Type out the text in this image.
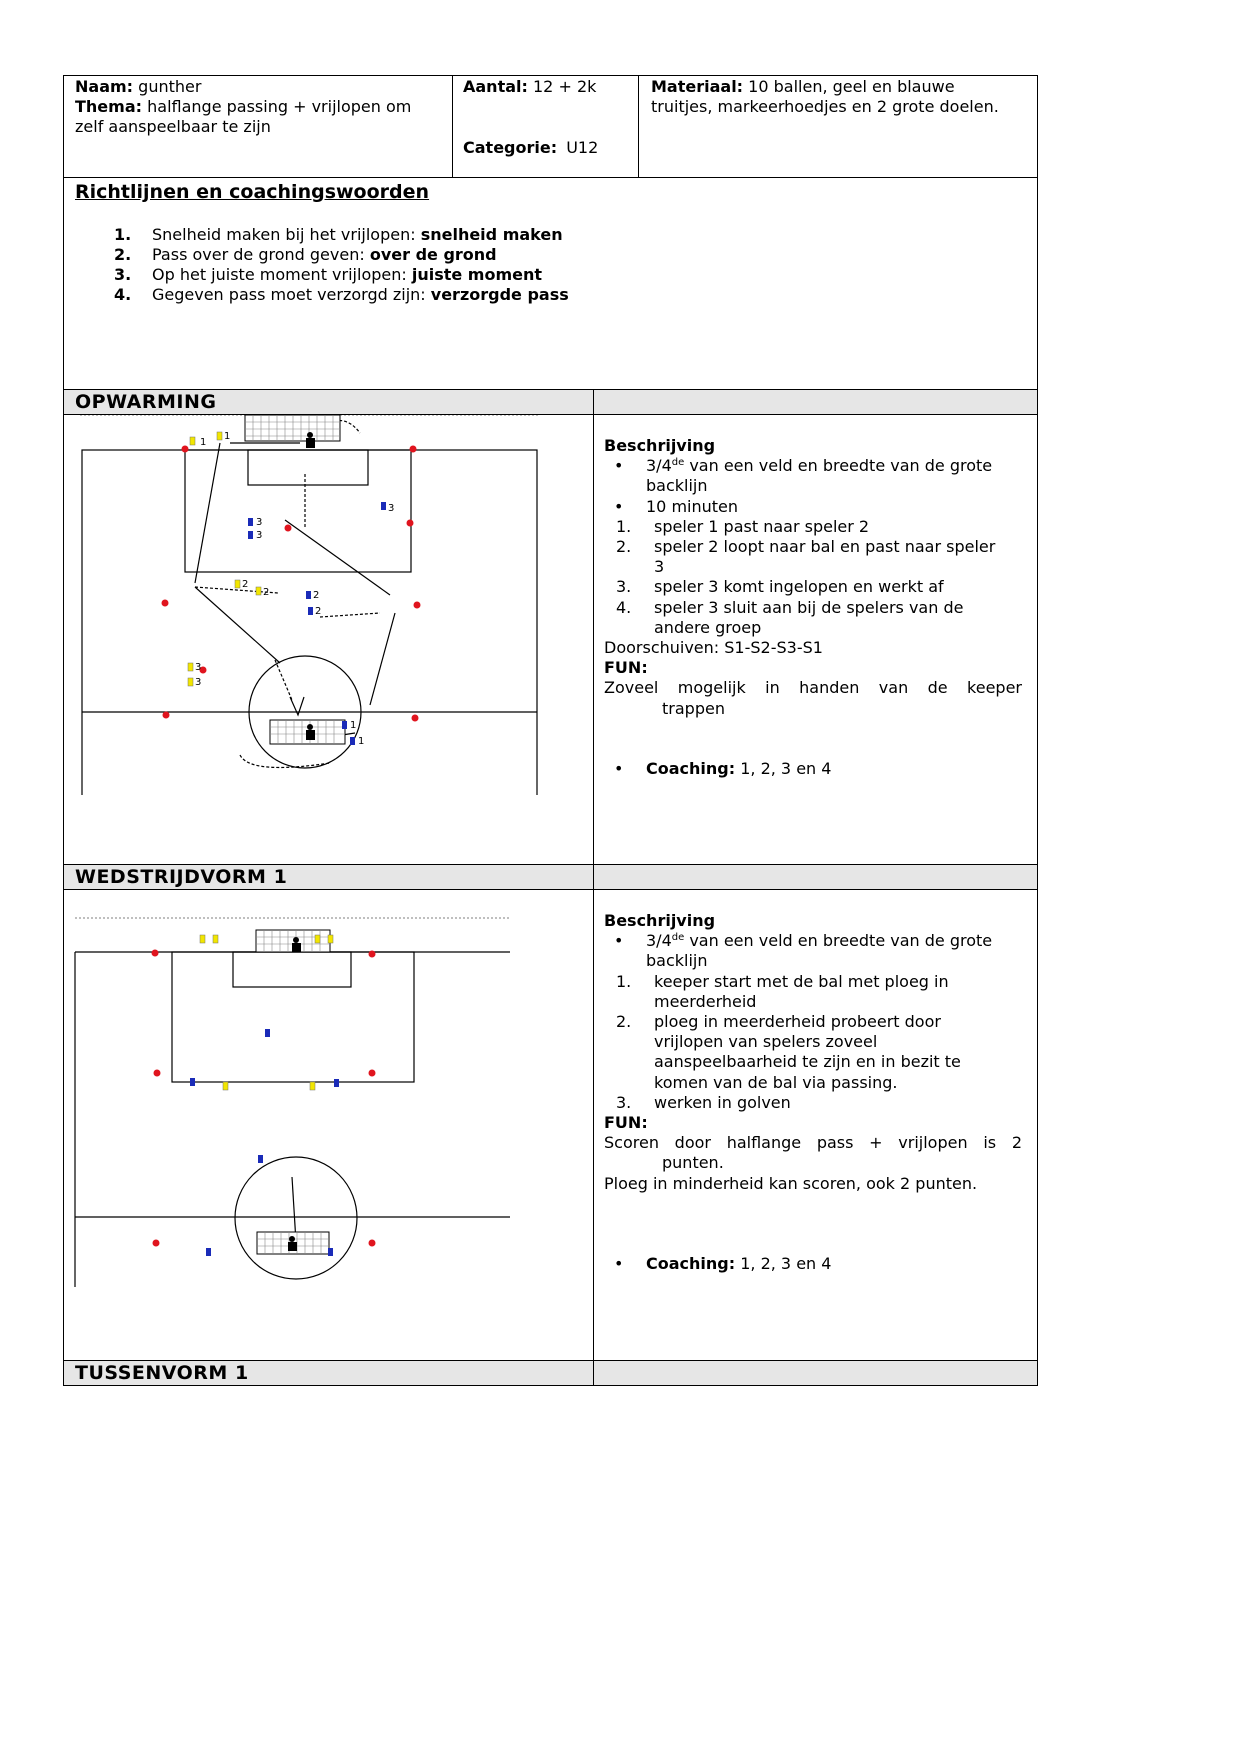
Naam: gunther
Thema: halflange passing + vrijlopen om
zelf aanspeelbaar te zijn
Aantal: 12 + 2k
Categorie: U12
Materiaal: 10 ballen, geel en blauwe
truitjes, markeerhoedjes en 2 grote doelen.
Richtlijnen en coachingswoorden
1. Snelheid maken bij het vrijlopen: snelheid maken
2. Pass over de grond geven: over de grond
3. Op het juiste moment vrijlopen: juiste moment
4. Gegeven pass moet verzorgd zijn: verzorgde pass
OPWARMING
1
1
3
3
3
2
2	2
2
3
3
1
1
Beschrijving
• 3/4de van een veld en breedte van de grote
backlijn
• 10 minuten
1. speler 1 past naar speler 2
2. speler 2 loopt naar bal en past naar speler
3
3. speler 3 komt ingelopen en werkt af
4. speler 3 sluit aan bij de spelers van de
andere groep
Doorschuiven: S1-S2-S3-S1
FUN:
Zoveel mogelijk in handen van de keeper
trappen
• Coaching: 1, 2, 3 en 4
WEDSTRIJDVORM 1
Beschrijving
• 3/4de van een veld en breedte van de grote
backlijn
1. keeper start met de bal met ploeg in
meerderheid
2. ploeg in meerderheid probeert door
vrijlopen van spelers zoveel
aanspeelbaarheid te zijn en in bezit te
komen van de bal via passing.
3. werken in golven
FUN:
Scoren door halflange pass + vrijlopen is 2
punten.
Ploeg in minderheid kan scoren, ook 2 punten.
• Coaching: 1, 2, 3 en 4
TUSSENVORM 1
